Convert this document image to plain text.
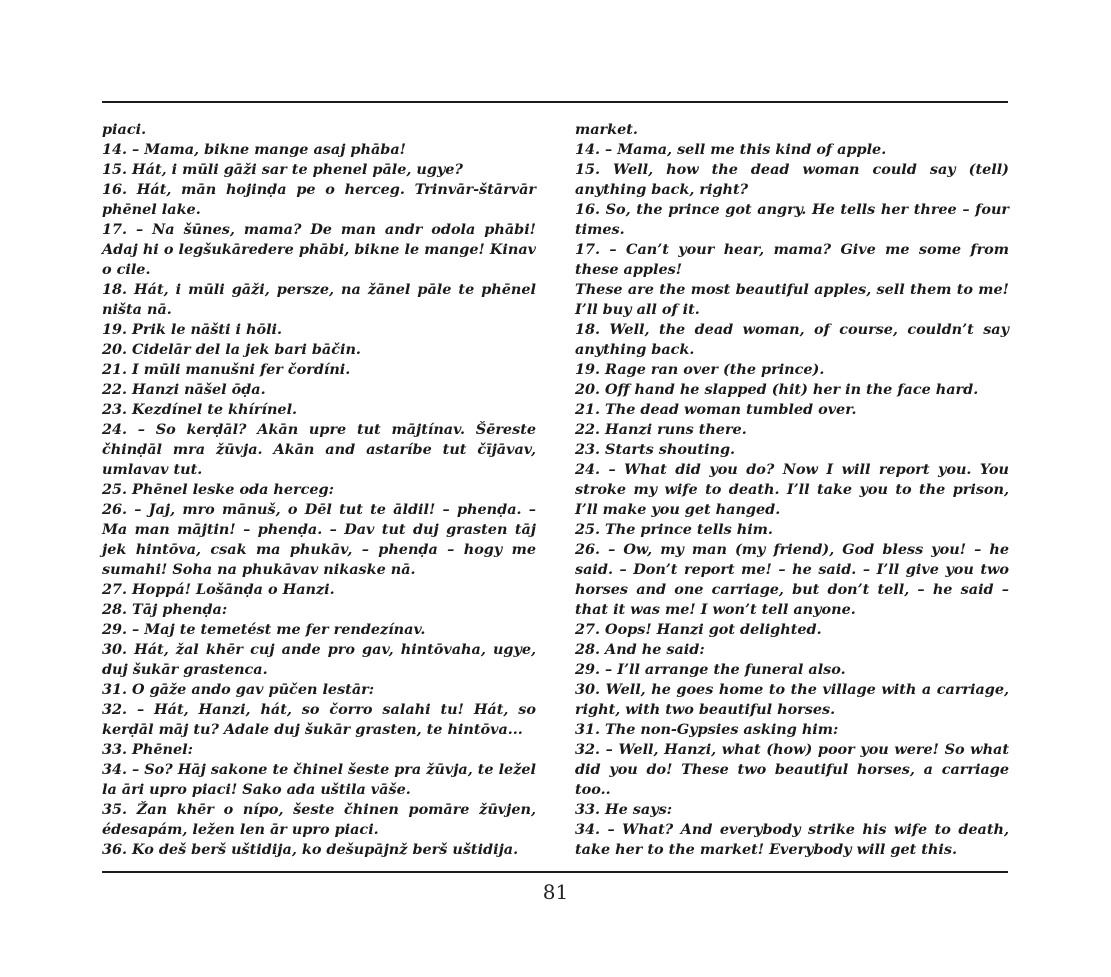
piaci.

14. – Mama, bikne mange asaj phāba!

15. Hát, i mūli gāži sar te phenel pāle, ugye?

16. Hát, mān hojinḍa pe o herceg. Trinvār-štārvār phēnel lake.

17. – Na šūnes, mama? De man andr odola phābi! Adaj hi o legšukāredere phābi, bikne le mange! Kinav o cile.

18. Hát, i mūli gāži, persze, na žānel pāle te phēnel ništa nā.

19. Prik le nāšti i hōli.

20. Cidelār del la jek bari bāčin.

21. I mūli manušni fer čordíni.

22. Hanzi nāšel ōḍa.

23. Kezdínel te khírínel.

24. – So kerḍāl? Akān upre tut mājtínav. Šēreste čhinḍāl mra žūvja. Akān and astaríbe tut čījāvav, umlavav tut.

25. Phēnel leske oda herceg:

26. – Jaj, mro mānuš, o Dēl tut te āldil! – phenḍa. – Ma man mājtin! – phenḍa. – Dav tut duj grasten tāj jek hintōva, csak ma phukāv, – phenḍa – hogy me sumahi! Soha na phukāvav nikaske nā.

27. Hoppá! Lošānḍa o Hanzi.

28. Tāj phenḍa:

29. – Maj te temetést me fer rendezínav.

30. Hát, žal khēr cuj ande pro gav, hintōvaha, ugye, duj šukār grastenca.

31. O gāže ando gav pūčen lestār:

32. – Hát, Hanzi, hát, so čorro salahi tu! Hát, so kerḍāl māj tu? Adale duj šukār grasten, te hintōva...

33. Phēnel:

34. – So? Hāj sakone te čhinel šeste pra žūvja, te ležel la āri upro piaci! Sako ada uštila vāše.

35. Žan khēr o nípo, šeste čhinen pomāre žūvjen, édesapám, ležen len ār upro piaci.

36. Ko deš berš uštidija, ko dešupājnž berš uštidija.

market.

14. – Mama, sell me this kind of apple.

15. Well, how the dead woman could say (tell) anything back, right?

16. So, the prince got angry. He tells her three – four times.

17. – Can’t your hear, mama? Give me some from these apples!

These are the most beautiful apples, sell them to me! I’ll buy all of it.

18. Well, the dead woman, of course, couldn’t say anything back.

19. Rage ran over (the prince).

20. Off hand he slapped (hit) her in the face hard.

21. The dead woman tumbled over.

22. Hanzi runs there.

23. Starts shouting.

24. – What did you do? Now I will report you. You stroke my wife to death. I’ll take you to the prison, I’ll make you get hanged.

25. The prince tells him.

26. – Ow, my man (my friend), God bless you! – he said. – Don’t report me! – he said. – I’ll give you two horses and one carriage, but don’t tell, – he said – that it was me! I won’t tell anyone.

27. Oops! Hanzi got delighted.

28. And he said:

29. – I’ll arrange the funeral also.

30. Well, he goes home to the village with a carriage, right, with two beautiful horses.

31. The non-Gypsies asking him:

32. – Well, Hanzi, what (how) poor you were! So what did you do! These two beautiful horses, a carriage too..

33. He says:

34. – What? And everybody strike his wife to death, take her to the market! Everybody will get this.

81
